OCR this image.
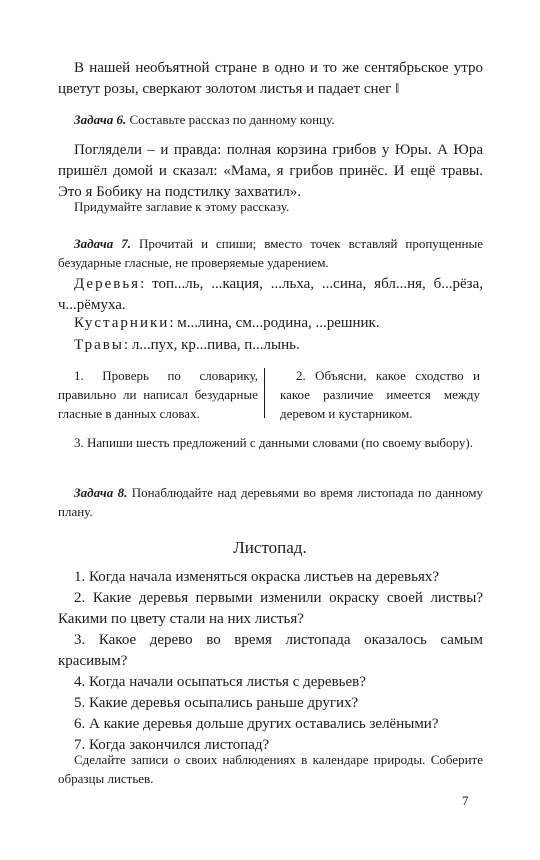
В нашей необъятной стране в одно и то же сентябрьское утро цветут розы, сверкают золотом листья и падает снег ‖

Задача 6. Составьте рассказ по данному концу.

Поглядели – и правда: полная корзина грибов у Юры. А Юра пришёл домой и сказал: «Мама, я грибов принёс. И ещё травы. Это я Бобику на подстилку захватил».

Придумайте заглавие к этому рассказу.

Задача 7. Прочитай и спиши; вместо точек вставляй пропущенные безударные гласные, не проверяемые ударением.

Деревья: топ...ль, ...кация, ...льха, ...сина, ябл...ня, б...рёза, ч...рёмуха.

Кустарники: м...лина, см...родина, ...решник.

Травы: л...пух, кр...пива, п...лынь.

1. Проверь по словарику, правильно ли написал безударные гласные в данных словах.
2. Объясни, какое сходство и какое различие имеется между деревом и кустарником.

3. Напиши шесть предложений с данными словами (по своему выбору).

Задача 8. Понаблюдайте над деревьями во время листопада по данному плану.

Листопад.

1. Когда начала изменяться окраска листьев на деревьях?

2. Какие деревья первыми изменили окраску своей листвы? Какими по цвету стали на них листья?

3. Какое дерево во время листопада оказалось самым красивым?

4. Когда начали осыпаться листья с деревьев?

5. Какие деревья осыпались раньше других?

6. А какие деревья дольше других оставались зелёными?

7. Когда закончился листопад?

Сделайте записи о своих наблюдениях в календаре природы. Соберите образцы листьев.

7
